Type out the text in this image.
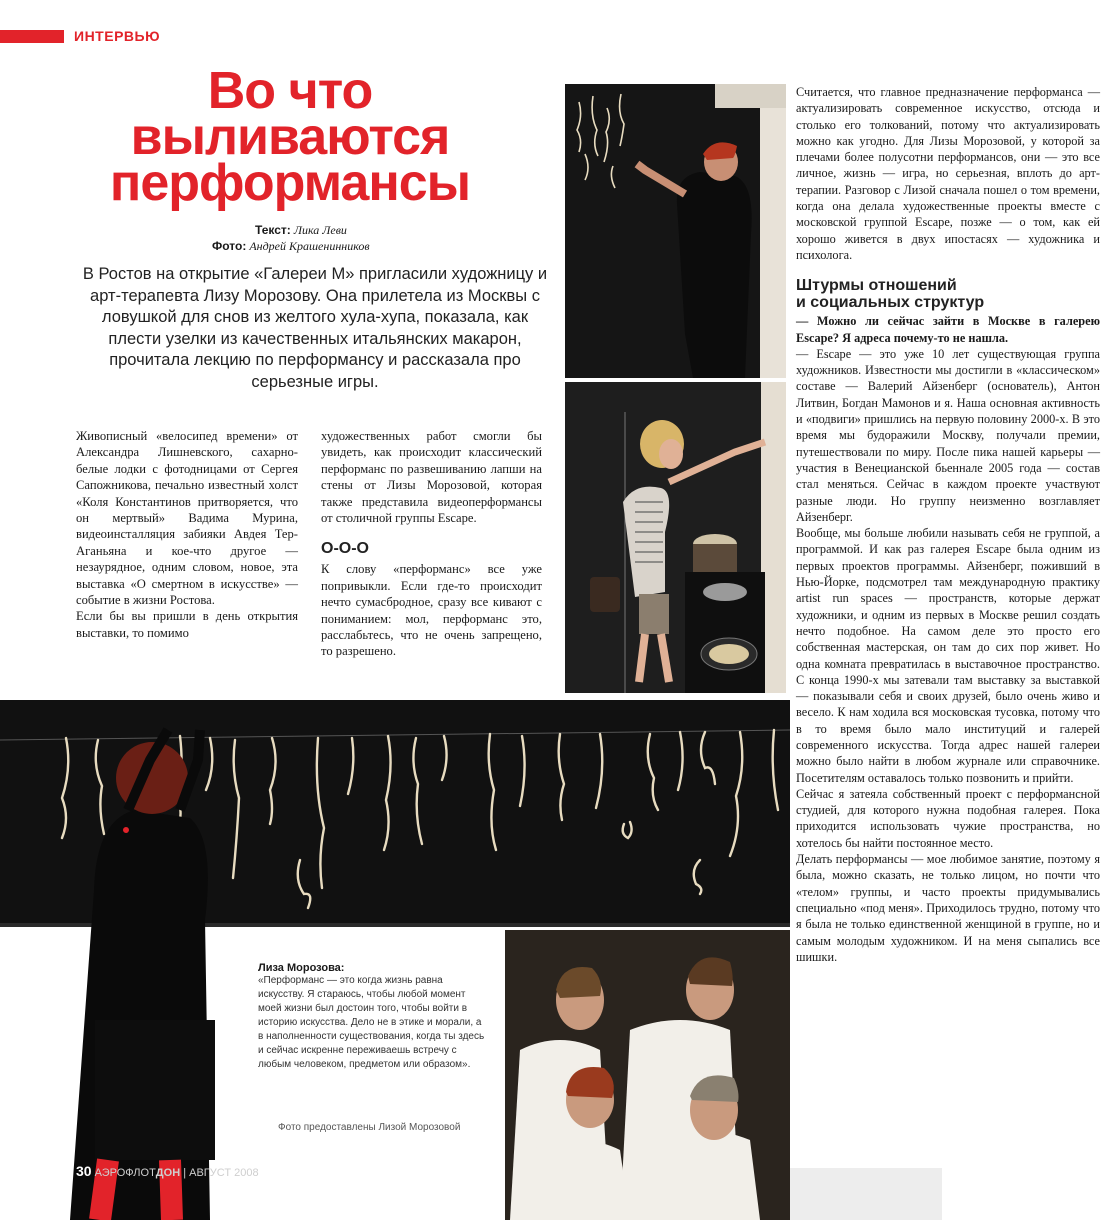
ИНТЕРВЬЮ
Во что
выливаются
перформансы
Текст: Лика Леви
Фото: Андрей Крашенинников
В Ростов на открытие «Галереи М» пригласили художницу и арт-терапевта Лизу Морозову. Она прилетела из Москвы с ловушкой для снов из желтого хула-хупа, показала, как плести узелки из качественных итальянских макарон, прочитала лекцию по перформансу и рассказала про серьезные игры.

Живописный «велосипед времени» от Александра Лишневского, сахарно-белые лодки с фотодницами от Сергея Сапожникова, печально известный холст «Коля Константинов притворяется, что он мертвый» Вадима Мурина, видеоинсталляция забияки Авдея Тер-Аганьяна и кое-что другое — незаурядное, одним словом, новое, эта выставка «О смертном в искусстве» — событие в жизни Ростова.

Если бы вы пришли в день открытия выставки, то помимо

художественных работ смогли бы увидеть, как происходит классический перформанс по развешиванию лапши на стены от Лизы Морозовой, которая также представила видеоперформансы от столичной группы Escape.

О-О-О

К слову «перформанс» все уже попривыкли. Если где-то происходит нечто сумасбродное, сразу все кивают с пониманием: мол, перформанс это, расслабьтесь, что не очень запрещено, то разрешено.

Считается, что главное предназначение перформанса — актуализировать современное искусство, отсюда и столько его толкований, потому что актуализировать можно как угодно. Для Лизы Морозовой, у которой за плечами более полусотни перформансов, они — это все личное, жизнь — игра, но серьезная, вплоть до арт-терапии. Разговор с Лизой сначала пошел о том времени, когда она делала художественные проекты вместе с московской группой Escape, позже — о том, как ей хорошо живется в двух ипостасях — художника и психолога.

Штурмы отношений
и социальных структур

— Можно ли сейчас зайти в Москве в галерею Escape? Я адреса почему-то не нашла.

— Escape — это уже 10 лет существующая группа художников. Известности мы достигли в «классическом» составе — Валерий Айзенберг (основатель), Антон Литвин, Богдан Мамонов и я. Наша основная активность и «подвиги» пришлись на первую половину 2000-х. В это время мы будоражили Москву, получали премии, путешествовали по миру. После пика нашей карьеры — участия в Венецианской бьеннале 2005 года — состав стал меняться. Сейчас в каждом проекте участвуют разные люди. Но группу неизменно возглавляет Айзенберг.

Вообще, мы больше любили называть себя не группой, а программой. И как раз галерея Escape была одним из первых проектов программы. Айзенберг, поживший в Нью-Йорке, подсмотрел там международную практику artist run spaces — пространств, которые держат художники, и одним из первых в Москве решил создать нечто подобное. На самом деле это просто его собственная мастерская, он там до сих пор живет. Но одна комната превратилась в выставочное пространство. С конца 1990-х мы затевали там выставку за выставкой — показывали себя и своих друзей, было очень живо и весело. К нам ходила вся московская тусовка, потому что в то время было мало институций и галерей современного искусства. Тогда адрес нашей галереи можно было найти в любом журнале или справочнике. Посетителям оставалось только позвонить и прийти.

Сейчас я затеяла собственный проект с перформансной студией, для которого нужна подобная галерея. Пока приходится использовать чужие пространства, но хотелось бы найти постоянное место.

Делать перформансы — мое любимое занятие, поэтому я была, можно сказать, не только лицом, но почти что «телом» группы, и часто проекты придумывались специально «под меня». Приходилось трудно, потому что я была не только единственной женщиной в группе, но и самым молодым художником. И на меня сыпались все шишки.

Лиза Морозова:
«Перформанс — это когда жизнь равна искусству. Я стараюсь, чтобы любой момент моей жизни был достоин того, чтобы войти в историю искусства. Дело не в этике и морали, а в наполненности существования, когда ты здесь и сейчас искренне переживаешь встречу с любым человеком, предметом или образом».
Фото предоставлены Лизой Морозовой
30 АЭРОФЛОТДОН | АВГУСТ 2008
